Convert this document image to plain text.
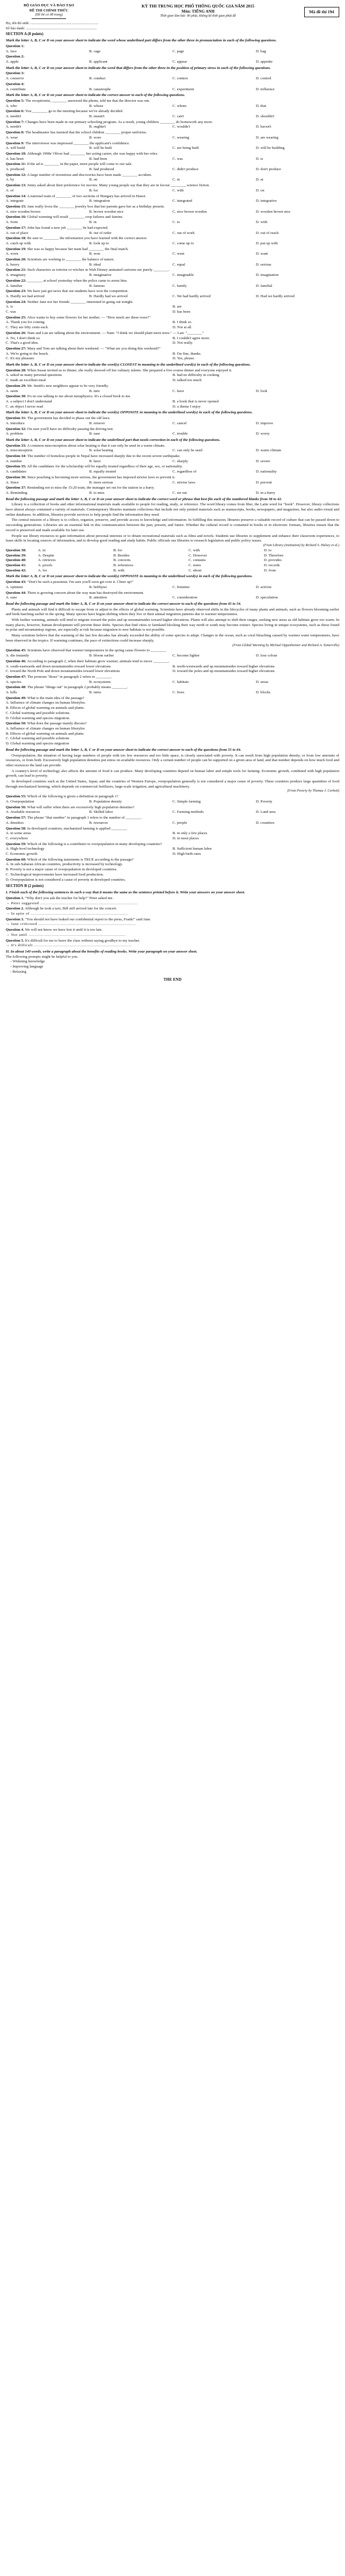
BỘ GIÁO DỤC VÀ ĐÀO TẠO
ĐỀ THI CHÍNH THỨC
(Đề thi có 08 trang)
KỲ THI TRUNG HỌC PHỔ THÔNG QUỐC GIA NĂM 2015
Môn: TIẾNG ANH
Thời gian làm bài: 90 phút, không kể thời gian phát đề
Mã đề thi 194
Họ, tên thí sinh: ..........................................................................
Số báo danh: .............................................................................
SECTION A (8 points)
Mark the letter A, B, C or D on your answer sheet to indicate the word whose underlined part differs from the other three in pronunciation in each of the following questions.
Question 1:
A. face	B. cage	C. page	D. bag
Question 2:
A. apple	B. applicant	C. appear	D. appetite
Mark the letter A, B, C or D on your answer sheet to indicate the word that differs from the other three in the position of primary stress in each of the following questions.
Question 3:
A. conserve	B. conduct	C. contest	D. control
Question 4:
A. contribute	B. catastrophe	C. experiment	D. influence
Mark the letter A, B, C or D on your answer sheet to indicate the correct answer to each of the following questions.
Question 5: The receptionist, ________ answered the phone, told me that the director was out.
A. who	B. whose	C. whom	D. that
Question 6: You ________ go to the meeting because we've already decided.
A. needn't	B. mustn't	C. can't	D. shouldn't
Question 7: Changes have been made in our primary schooling program. As a result, young children ________ do homework any more.
A. needn't	B. oughtn't	C. wouldn't	D. haven't
Question 8: The headmaster has insisted that the school children ________ proper uniforms.
A. wear	B. wore	C. wearing	D. are wearing
Question 9: The interviewer was impressed ________ the applicant's confidence.
A. will build	B. will be built	C. are being built	D. will be building
Question 10: Although 1998s' Oliver had ________ her acting career, she was happy with her roles.
A. has been	B. had been	C. was	D. is
Question 11: If the ad is ________ in the paper, more people will come to our sale.
A. produced	B. had produced	C. didn't produce	D. don't produce
Question 12: A large number of inventions and discoveries have been made ________ accident.
A. by	B. on	C. in	D. at
Question 13: Jenny asked about their preference for movies. Many young people say that they are in favour ________ science fiction.
A. of	B. for	C. with	D. on
Question 14: A national team of ________ of two sections of Hungary has arrived in Hanoi.
A. integrate	B. integration	C. integrated	D. integrative
Question 15: Jane really loves the ________ jewelry box that her parents gave her as a birthday present.
A. nice wooden brown	B. brown wooden nice	C. nice brown wooden	D. wooden brown nice
Question 16: Global warming will result ________ crop failures and famine.
A. from	B. in	C. to	D. with
Question 17: John has found a new job ________ he had expected.
A. out of place	B. out of order	C. out of work	D. out of reach
Question 18: Be sure to ________ the information you have learned with the correct answer.
A. catch up with	B. look up to	C. come up to	D. put up with
Question 19: She was so happy because her team had ________ the final match.
A. worn	B. won	C. went	D. want
Question 20: Scientists are working to ________ the balance of nature.
A. heavy	B. ideal	C. equal	D. serious
Question 21: Such characters as tortoise or witches in Walt Disney animated cartoons are purely ________.
A. imaginary	B. imaginative	C. imaginable	D. imagination
Question 22: ________ at school yesterday when the police came to arrest him.
A. familiar	B. famous	C. family	D. familial
Question 23: We have just got news that our students have won the competition.
A. Hardly we had arrived	B. Hardly had we arrived	C. We had hardly arrived	D. Had we hardly arrived
Question 24: Neither Jane nor her friends ________ interested in going out tonight.
A. is	B. are
C. was	D. has been
Question 25: Alice wants to buy some flowers for her mother. — "How much are these roses?"
A. Thank you for coming.	B. I think so.
C. They are fifty cents each.	D. Not at all.
Question 26: Nam and Lan are talking about the environment. — Nam: "I think we should plant more trees." — Lan: "________"
A. No, I don't think so.	B. I couldn't agree more.
C. That's a good idea.	D. Not really.
Question 27: Mary and Tom are talking about their weekend. — "What are you doing this weekend?"
A. We're going to the beach.	B. I'm fine, thanks.
C. It's my pleasure.	D. Yes, please.
Mark the letter A, B, C or D on your answer sheet to indicate the word(s) CLOSEST in meaning to the underlined word(s) in each of the following questions.
Question 28: When Susan invited us to dinner, she really showed off her culinary talents. She prepared a five-course dinner and everyone enjoyed it.
A. asked us many personal questions	B. had no difficulty in cooking
C. made an excellent meal	D. talked too much
Question 29: Mr. Smith's new neighbors appear to be very friendly.
A. seem	B. turn	C. have	D. look
Question 30: It's no use talking to me about metaphysics. It's a closed book to me.
A. a subject I don't understand	B. a book that is never opened
C. an object I never read	D. a theme I enjoy
Mark the letter A, B, C or D on your answer sheet to indicate the word(s) OPPOSITE in meaning to the underlined word(s) in each of the following questions.
Question 31: The government has decided to phase out the old laws.
A. introduce	B. remove	C. cancel	D. improve
Question 32: I'm sure you'll have no difficulty passing the driving test.
A. problem	B. ease	C. trouble	D. worry
Mark the letter A, B, C or D on your answer sheet to indicate the underlined part that needs correction in each of the following questions.
Question 33: A common misconception about solar heating is that it can only be used in a warm climate.
A. misconception	B. solar heating	C. can only be used	D. warm climate
Question 34: The number of homeless people in Nepal have increased sharply due to the recent severe earthquake.
A. number	B. have	C. sharply	D. severe
Question 35: All the candidates for the scholarship will be equally treated regardless of their age, sex, or nationality.
A. candidates	B. equally treated	C. regardless of	D. nationality
Question 36: Since poaching is becoming more serious, the government has imposed stricter laws to prevent it.
A. Since	B. more serious	C. stricter laws	D. prevent
Question 37: Reminding not to miss the 15:20 train, the manager set out for the station in a hurry.
A. Reminding	B. to miss	C. set out	D. in a hurry
Read the following passage and mark the letter A, B, C or D on your answer sheet to indicate the correct word or phrase that best fits each of the numbered blanks from 38 to 42.
Library is a collection of books and other informational materials made available to people for reading, study, or reference. The word library comes from liber, the Latin word for "book". However, library collections have almost always contained a variety of materials. Contemporary libraries maintain collections that include not only printed materials such as manuscripts, books, newspapers, and magazines, but also audio-visual and online databases. In addition, libraries provide services to help people find the information they need.
The central mission of a library is to collect, organize, preserve, and provide access to knowledge and information. In fulfilling this mission, libraries preserve a valuable record of culture that can be passed down to succeeding generations. Libraries are an essential link in this communication between the past, present, and future. Whether the cultural record is contained in books or in electronic formats, libraries ensure that the record is preserved and made available for later use.
People use library resources to gain information about personal interests or to obtain recreational materials such as films and novels. Students use libraries to supplement and enhance their classroom experiences, to learn skills in locating sources of information, and to develop good reading and study habits. Public officials use libraries to research legislation and public policy issues.
(From Library (institution) by Richard S. Halsey et al.)
Question 38:	A. in	B. for	C. with	D. to
Question 39:	A. Despite	B. Besides	C. However	D. Therefore
Question 40:	A. retrieves	B. converts	C. contains	D. provides
Question 41:	A. proofs	B. references	C. notes	D. records
Question 42:	A. for	B. with	C. about	D. from
Mark the letter A, B, C or D on your answer sheet to indicate the word(s) OPPOSITE in meaning to the underlined word(s) in each of the following questions.
Question 43: "Don't be such a pessimist. I'm sure you'll soon get over it. Cheer up!"
A. optimist	B. hobbyist	C. feminist	D. activist
Question 44: There is growing concern about the way man has destroyed the environment.
A. ease	B. attention	C. consideration	D. speculation
Read the following passage and mark the letter A, B, C or D on your answer sheet to indicate the correct answer to each of the questions from 45 to 54.
Plants and animals will find it difficult to escape from or adjust to the effects of global warming. Scientists have already observed shifts in the lifecycles of many plants and animals, such as flowers blooming earlier and birds hatching earlier in the spring. Many species have begun shifting where they live or their annual migration patterns due to warmer temperatures.
With further warming, animals will tend to migrate toward the poles and up mountainsides toward higher elevations. Plants will also attempt to shift their ranges, seeking new areas as old habitats grow too warm. In many places, however, human development will prevent these shifts. Species that find cities or farmland blocking their way north or south may become extinct. Species living in unique ecosystems, such as those found in polar and mountaintop regions, are especially at risk because migration to new habitats is not possible.
Many scientists believe that the warming of the last few decades has already exceeded the ability of some species to adapt. Changes in the ocean, such as coral bleaching caused by warmer water temperatures, have been observed in the tropics. If warming continues, the pace of extinctions could increase sharply.
(From Global Warming by Michael Oppenheimer and Richard A. Somerville)
Question 45: Scientists have observed that warmer temperatures in the spring cause flowers to ________.
A. die instantly	B. bloom earlier	C. become lighter	D. lose colour
Question 46: According to paragraph 2, when their habitats grow warmer, animals tend to move ________.
A. south-eastwards and down mountainsides toward lower elevations	B. north-westwards and up mountainsides toward higher elevations
C. toward the North Pole and down mountainsides toward lower elevations	D. toward the poles and up mountainsides toward higher elevations
Question 47: The pronoun "those" in paragraph 2 refers to ________.
A. species	B. ecosystems	C. habitats	D. areas
Question 48: The phrase "things out" in paragraph 2 probably means ________.
A. kills	B. turns	C. frees	D. blocks
Question 49: What is the main idea of the passage?
A. Influence of climate changes on human lifestyles.
B. Effects of global warming on animals and plants.
C. Global warming and possible solutions.
D. Global warming and species migration.
Question 50: What does the passage mainly discuss?
A. Influence of climate changes on human lifestyles
B. Effects of global warming on animals and plants
C. Global warming and possible solutions
D. Global warming and species migration
Read the following passage and mark the letter A, B, C or D on your answer sheet to indicate the correct answer to each of the questions from 55 to 64.
Overpopulation, the situation of having large numbers of people with too few resources and too little space, is closely associated with poverty. It can result from high population density, or from low amounts of resources, or from both. Excessively high population densities put stress on available resources. Only a certain number of people can be supported on a given area of land, and that number depends on how much food and other resources the land can provide.
A country's level of technology also affects the amount of food it can produce. Many developing countries depend on human labor and simple tools for farming. Economic growth, combined with high population growth, can lead to poverty.
In developed countries such as the United States, Japan, and the countries of Western Europe, overpopulation generally is not considered a major cause of poverty. These countries produce large quantities of food through mechanized farming, which depends on commercial fertilizers, large-scale irrigation, and agricultural machinery.
(From Poverty by Thomas J. Corbett)
Question 55: Which of the following is given a definition in paragraph 1?
A. Overpopulation	B. Population density	C. Simple farming	D. Poverty
Question 56: What will suffer when there are excessively high population densities?
A. Available resources	B. Skilled labor	C. Farming methods	D. Land area
Question 57: The phrase "that number" in paragraph 1 refers to the number of ________.
A. densities	B. resources	C. people	D. countries
Question 58: In developed countries, mechanized farming is applied ________.
A. in some areas	B. in only a few places
C. everywhere	D. in most places
Question 59: Which of the following is a contributor to overpopulation in many developing countries?
A. High-level technology	B. Sufficient human labor
C. Economic growth	D. High birth rates
Question 60: Which of the following statements is TRUE according to the passage?
A. In sub-Saharan African countries, productivity is increased by technology.
B. Poverty is not a major cause of overpopulation in developed countries.
C. Technological improvements have increased food production.
D. Overpopulation is not considered a cause of poverty in developed countries.
SECTION B (2 points)
I. Finish each of the following sentences in such a way that it means the same as the sentence printed before it. Write your answers on your answer sheet.
Question 1. "Why don't you ask the teacher for help?" Peter asked me.
→ Peter suggested ...............................................................................
Question 2. Although he took a taxi, Bill still arrived late for the concert.
→ In spite of ...............................................................................
Question 3. "You should not have leaked our confidential report to the press, Frank!" said Jane.
→ Jane criticized ...............................................................................
Question 4. We will not know we have lost it until it is too late.
→ Not until ...............................................................................
Question 5. It's difficult for me to leave the class without saying goodbye to my teacher.
→ It's difficult ...............................................................................
II. In about 140 words, write a paragraph about the benefits of reading books. Write your paragraph on your answer sheet.
The following prompts might be helpful to you.
- Widening knowledge
- Improving language
- Relaxing
THE END
